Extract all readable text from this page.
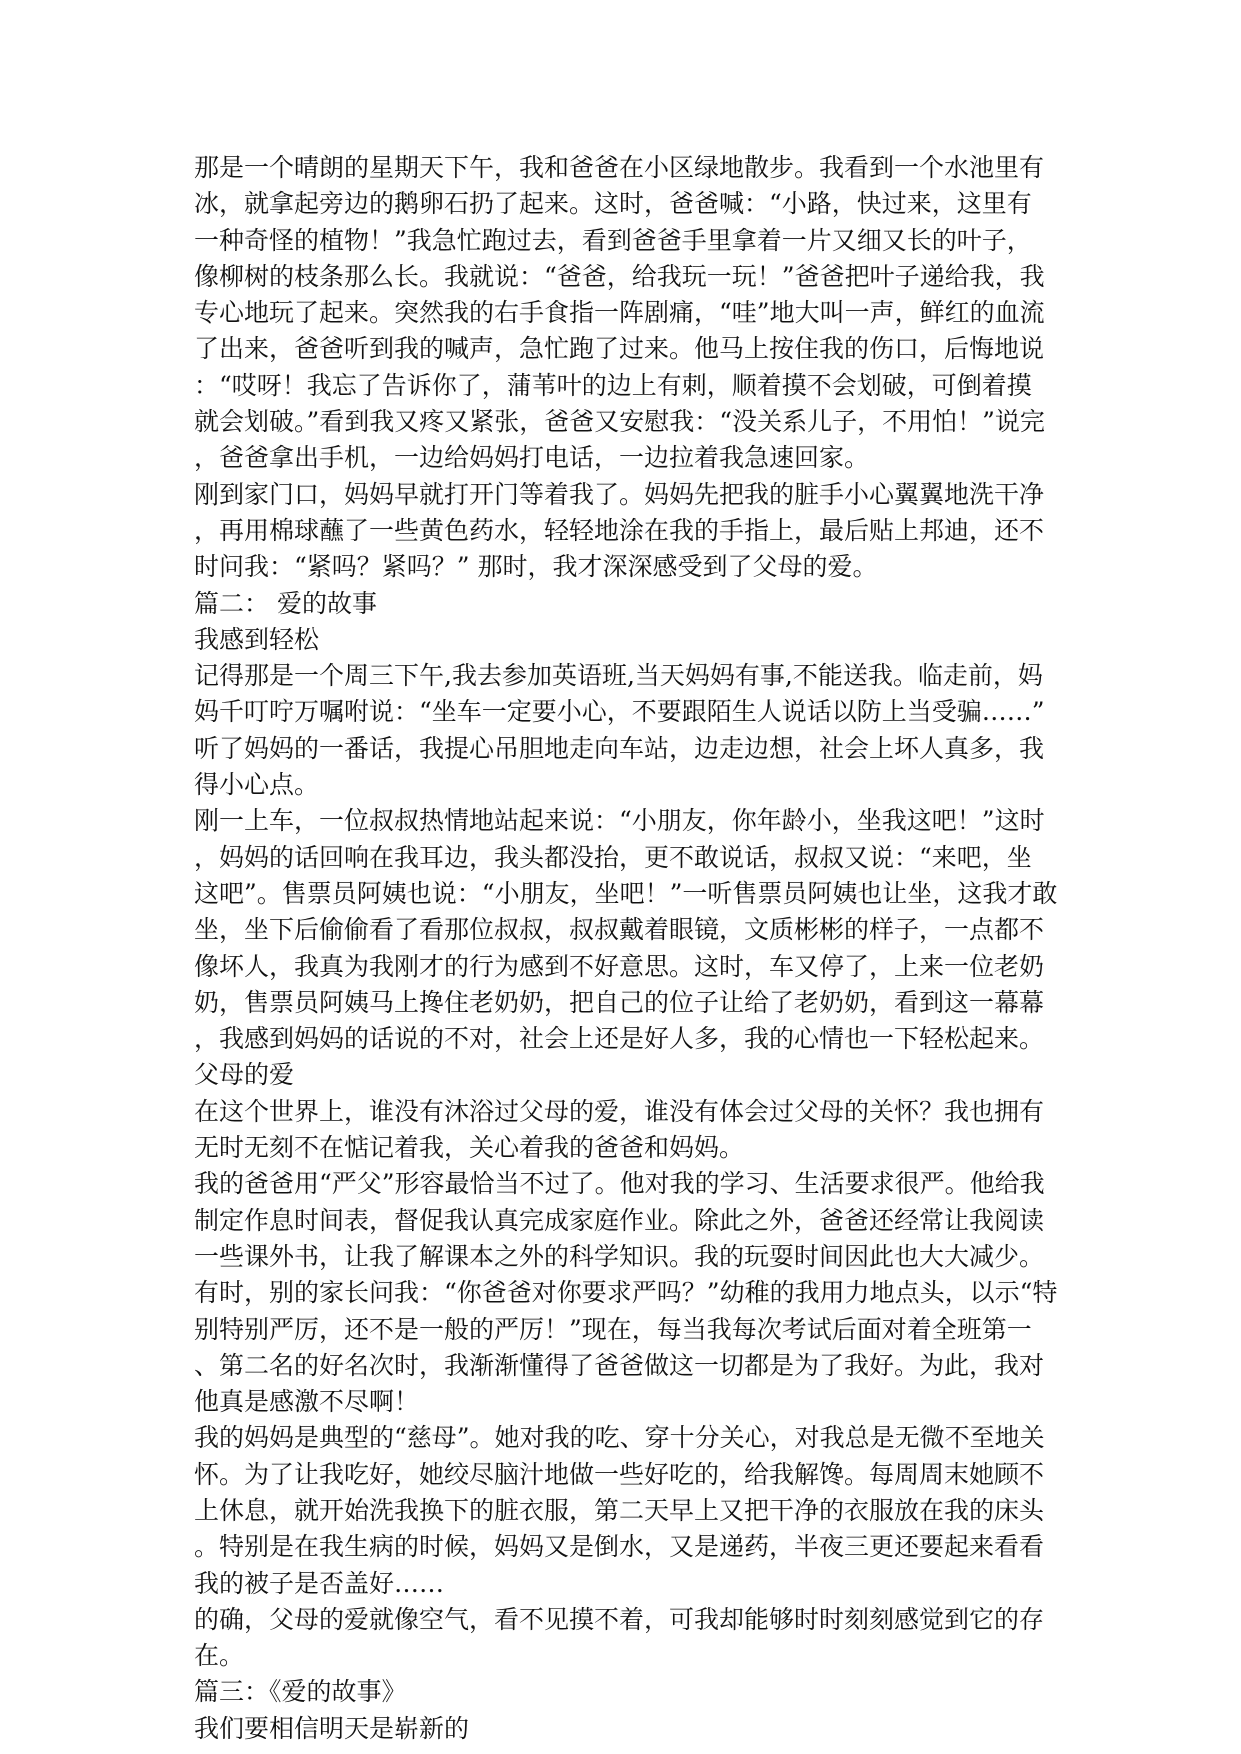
那是一个晴朗的星期天下午，我和爸爸在小区绿地散步。我看到一个水池里有
冰，就拿起旁边的鹅卵石扔了起来。这时，爸爸喊：“小路，快过来，这里有
一种奇怪的植物！”我急忙跑过去，看到爸爸手里拿着一片又细又长的叶子，
像柳树的枝条那么长。我就说：“爸爸，给我玩一玩！”爸爸把叶子递给我，我
专心地玩了起来。突然我的右手食指一阵剧痛，“哇”地大叫一声，鲜红的血流
了出来，爸爸听到我的喊声，急忙跑了过来。他马上按住我的伤口，后悔地说
：“哎呀！我忘了告诉你了，蒲苇叶的边上有刺，顺着摸不会划破，可倒着摸
就会划破。”看到我又疼又紧张，爸爸又安慰我：“没关系儿子，不用怕！”说完
，爸爸拿出手机，一边给妈妈打电话，一边拉着我急速回家。
刚到家门口，妈妈早就打开门等着我了。妈妈先把我的脏手小心翼翼地洗干净
，再用棉球蘸了一些黄色药水，轻轻地涂在我的手指上，最后贴上邦迪，还不
时问我：“紧吗？紧吗？” 那时，我才深深感受到了父母的爱。
篇二： 爱的故事
我感到轻松
记得那是一个周三下午,我去参加英语班,当天妈妈有事,不能送我。临走前，妈
妈千叮咛万嘱咐说：“坐车一定要小心，不要跟陌生人说话以防上当受骗……”
听了妈妈的一番话，我提心吊胆地走向车站，边走边想，社会上坏人真多，我
得小心点。
刚一上车，一位叔叔热情地站起来说：“小朋友，你年龄小，坐我这吧！”这时
，妈妈的话回响在我耳边，我头都没抬，更不敢说话，叔叔又说：“来吧，坐
这吧”。售票员阿姨也说：“小朋友，坐吧！”一听售票员阿姨也让坐，这我才敢
坐，坐下后偷偷看了看那位叔叔，叔叔戴着眼镜，文质彬彬的样子，一点都不
像坏人，我真为我刚才的行为感到不好意思。这时，车又停了，上来一位老奶
奶，售票员阿姨马上搀住老奶奶，把自己的位子让给了老奶奶，看到这一幕幕
，我感到妈妈的话说的不对，社会上还是好人多，我的心情也一下轻松起来。
父母的爱
在这个世界上，谁没有沐浴过父母的爱，谁没有体会过父母的关怀？我也拥有
无时无刻不在惦记着我，关心着我的爸爸和妈妈。
我的爸爸用“严父”形容最恰当不过了。他对我的学习、生活要求很严。他给我
制定作息时间表，督促我认真完成家庭作业。除此之外，爸爸还经常让我阅读
一些课外书，让我了解课本之外的科学知识。我的玩耍时间因此也大大减少。
有时，别的家长问我：“你爸爸对你要求严吗？”幼稚的我用力地点头，以示“特
别特别严厉，还不是一般的严厉！”现在，每当我每次考试后面对着全班第一
、第二名的好名次时，我渐渐懂得了爸爸做这一切都是为了我好。为此，我对
他真是感激不尽啊！
我的妈妈是典型的“慈母”。她对我的吃、穿十分关心，对我总是无微不至地关
怀。为了让我吃好，她绞尽脑汁地做一些好吃的，给我解馋。每周周末她顾不
上休息，就开始洗我换下的脏衣服，第二天早上又把干净的衣服放在我的床头
。特别是在我生病的时候，妈妈又是倒水，又是递药，半夜三更还要起来看看
我的被子是否盖好……
的确，父母的爱就像空气，看不见摸不着，可我却能够时时刻刻感觉到它的存
在。
篇三：《爱的故事》
我们要相信明天是崭新的
